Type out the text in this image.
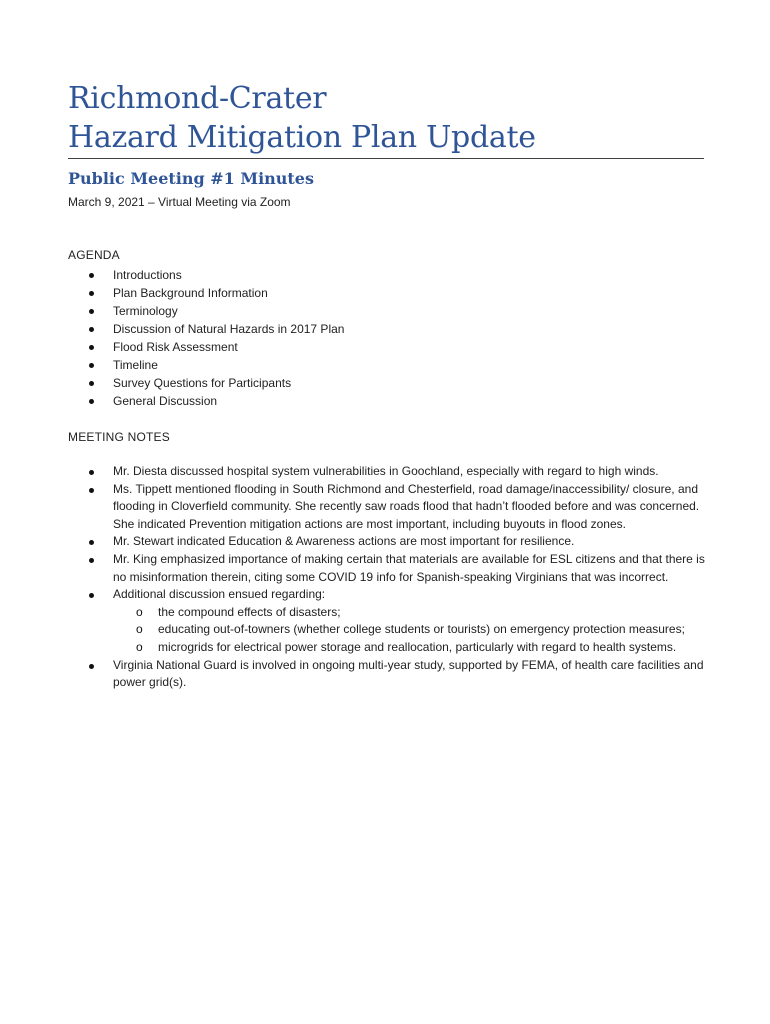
Richmond-Crater
Hazard Mitigation Plan Update
Public Meeting #1 Minutes
March 9, 2021 – Virtual Meeting via Zoom
AGENDA
Introductions
Plan Background Information
Terminology
Discussion of Natural Hazards in 2017 Plan
Flood Risk Assessment
Timeline
Survey Questions for Participants
General Discussion
MEETING NOTES
Mr. Diesta discussed hospital system vulnerabilities in Goochland, especially with regard to high winds.
Ms. Tippett mentioned flooding in South Richmond and Chesterfield, road damage/inaccessibility/ closure, and flooding in Cloverfield community. She recently saw roads flood that hadn’t flooded before and was concerned. She indicated Prevention mitigation actions are most important, including buyouts in flood zones.
Mr. Stewart indicated Education & Awareness actions are most important for resilience.
Mr. King emphasized importance of making certain that materials are available for ESL citizens and that there is no misinformation therein, citing some COVID 19 info for Spanish-speaking Virginians that was incorrect.
Additional discussion ensued regarding:
o the compound effects of disasters;
o educating out-of-towners (whether college students or tourists) on emergency protection measures;
o microgrids for electrical power storage and reallocation, particularly with regard to health systems.
Virginia National Guard is involved in ongoing multi-year study, supported by FEMA, of health care facilities and power grid(s).
